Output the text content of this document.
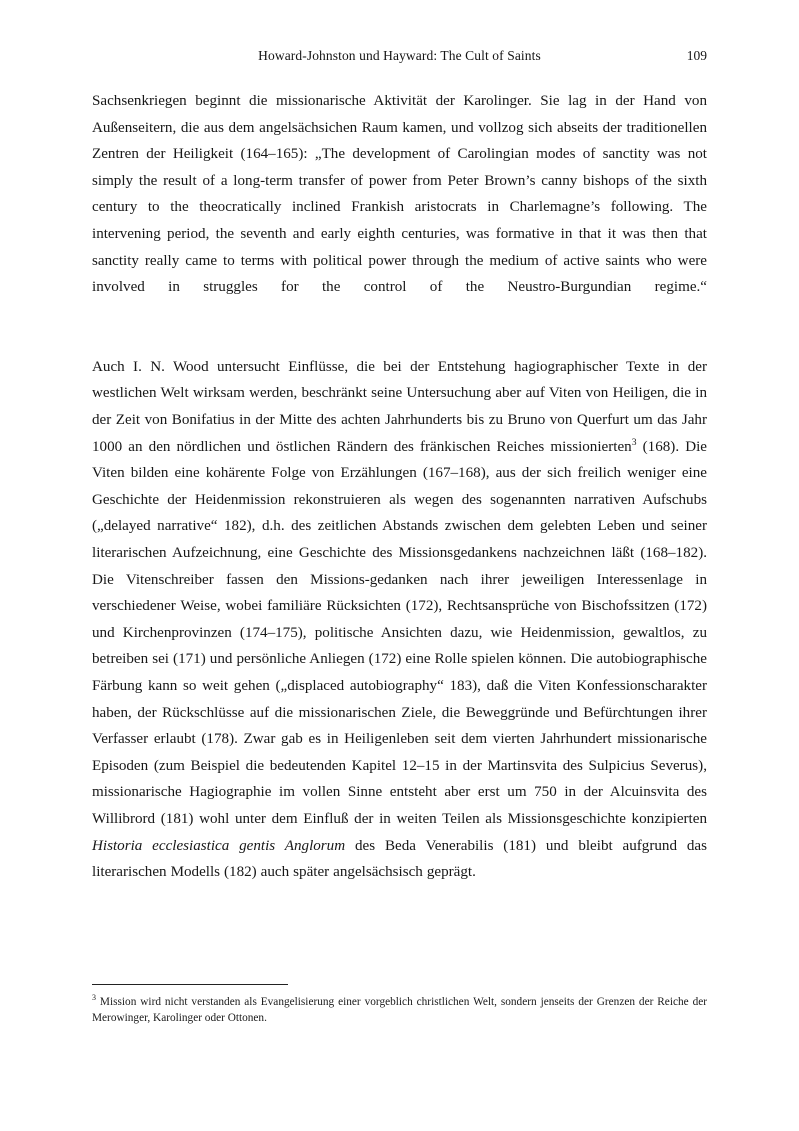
Howard-Johnston und Hayward: The Cult of Saints	109

Sachsenkriegen beginnt die missionarische Aktivität der Karolinger. Sie lag in der Hand von Außenseitern, die aus dem angelsächsichen Raum kamen, und vollzog sich abseits der traditionellen Zentren der Heiligkeit (164–165): „The development of Carolingian modes of sanctity was not simply the result of a long-term transfer of power from Peter Brown’s canny bishops of the sixth century to the theocratically inclined Frankish aristocrats in Charlemagne’s following. The intervening period, the seventh and early eighth centuries, was formative in that it was then that sanctity really came to terms with political power through the medium of active saints who were involved in struggles for the control of the Neustro-Burgundian regime.“

Auch I. N. Wood untersucht Einflüsse, die bei der Entstehung hagiographischer Texte in der westlichen Welt wirksam werden, beschränkt seine Untersuchung aber auf Viten von Heiligen, die in der Zeit von Bonifatius in der Mitte des achten Jahrhunderts bis zu Bruno von Querfurt um das Jahr 1000 an den nördlichen und östlichen Rändern des fränkischen Reiches missionierten$^3$ (168). Die Viten bilden eine kohärente Folge von Erzählungen (167–168), aus der sich freilich weniger eine Geschichte der Heidenmission rekonstruieren als wegen des sogenannten narrativen Aufschubs („delayed narrative“ 182), d.h. des zeitlichen Abstands zwischen dem gelebten Leben und seiner literarischen Aufzeichnung, eine Geschichte des Missionsgedankens nachzeichnen läßt (168–182). Die Vitenschreiber fassen den Missions-gedanken nach ihrer jeweiligen Interessenlage in verschiedener Weise, wobei familiäre Rücksichten (172), Rechtsansprüche von Bischofssitzen (172) und Kirchenprovinzen (174–175), politische Ansichten dazu, wie Heidenmission, gewaltlos, zu betreiben sei (171) und persönliche Anliegen (172) eine Rolle spielen können. Die autobiographische Färbung kann so weit gehen („displaced autobiography“ 183), daß die Viten Konfessionscharakter haben, der Rückschlüsse auf die missionarischen Ziele, die Beweggründe und Befürchtungen ihrer Verfasser erlaubt (178). Zwar gab es in Heiligenleben seit dem vierten Jahrhundert missionarische Episoden (zum Beispiel die bedeutenden Kapitel 12–15 in der Martinsvita des Sulpicius Severus), missionarische Hagiographie im vollen Sinne entsteht aber erst um 750 in der Alcuinsvita des Willibrord (181) wohl unter dem Einfluß der in weiten Teilen als Missionsgeschichte konzipierten Historia ecclesiastica gentis Anglorum des Beda Venerabilis (181) und bleibt aufgrund das literarischen Modells (182) auch später angelsächsisch geprägt.

$^3$ Mission wird nicht verstanden als Evangelisierung einer vorgeblich christlichen Welt, sondern jenseits der Grenzen der Reiche der Merowinger, Karolinger oder Ottonen.
